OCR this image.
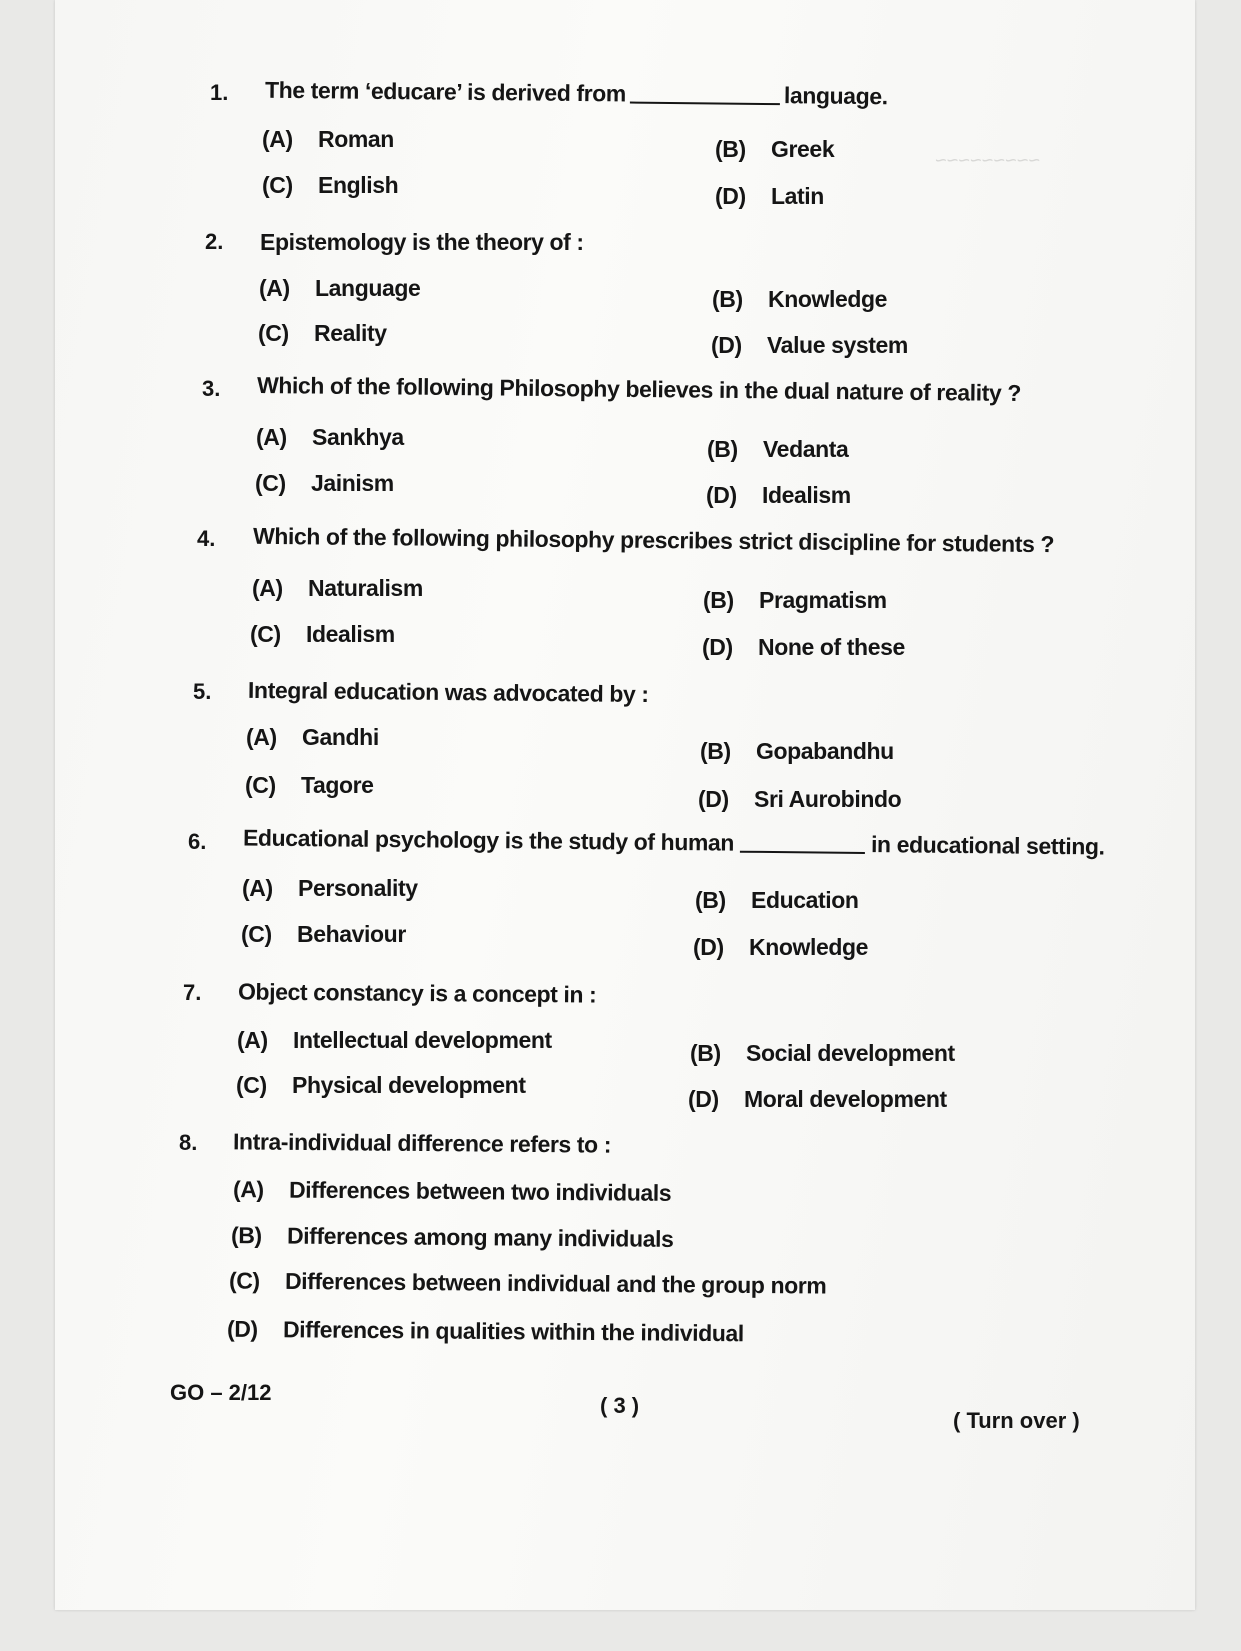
~~~~~~~~~
1. The term ‘educare’ is derived from	language.
(A) Roman	(B) Greek
(C) English	(D) Latin
2. Epistemology is the theory of :
(A) Language	(B) Knowledge
(C) Reality	(D) Value system
3. Which of the following Philosophy believes in the dual nature of reality ?
(A) Sankhya	(B) Vedanta
(C) Jainism	(D) Idealism
4. Which of the following philosophy prescribes strict discipline for students ?
(A) Naturalism	(B) Pragmatism
(C) Idealism	(D) None of these
5. Integral education was advocated by :
(A) Gandhi
(B) Gopabandhu
(C) Tagore
(D) Sri Aurobindo
6. Educational psychology is the study of human	in educational setting.
(A) Personality	(B) Education
(C) Behaviour	(D) Knowledge
7. Object constancy is a concept in :
(A) Intellectual development	(B) Social development
(C) Physical development
(D) Moral development
8. Intra-individual difference refers to :
(A) Differences between two individuals
(B) Differences among many individuals
(C) Differences between individual and the group norm
(D) Differences in qualities within the individual
GO – 2/12
( 3 )
( Turn over )
